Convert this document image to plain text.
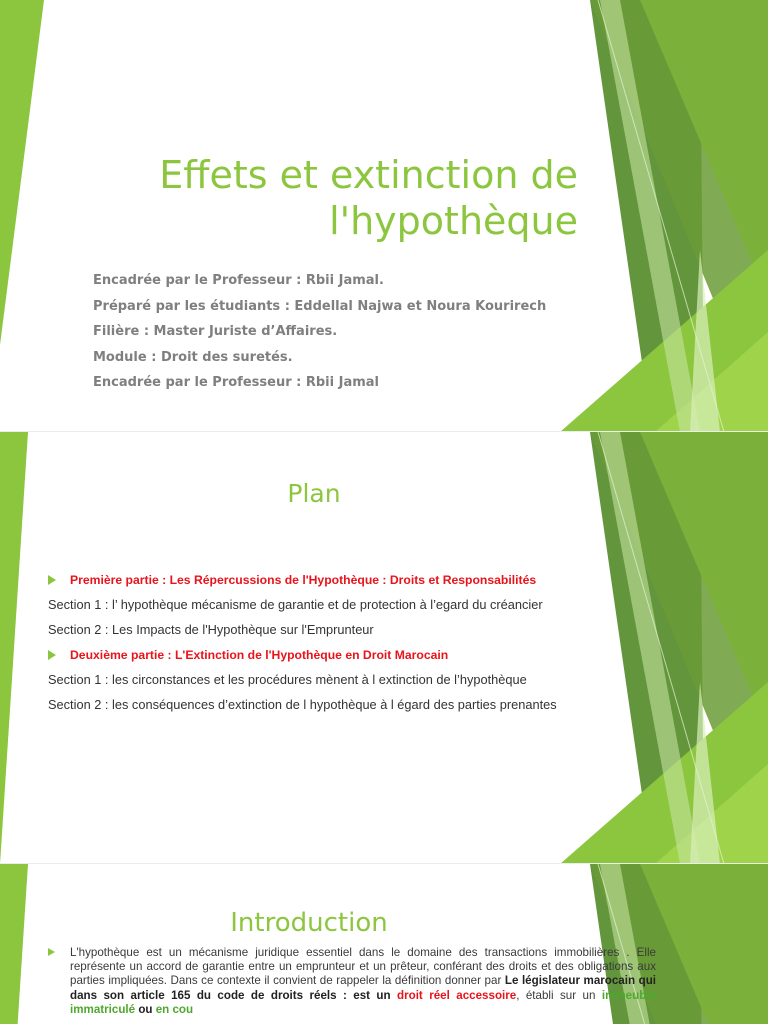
Effets et extinction de
l'hypothèque
Encadrée par le Professeur : Rbii Jamal.
Préparé par les étudiants : Eddellal Najwa et Noura Kourirech
Filière : Master Juriste d’Affaires.
Module : Droit des suretés.
Encadrée par le Professeur : Rbii Jamal
Plan
Première partie : Les Répercussions de l'Hypothèque : Droits et Responsabilités
Section 1 : l’ hypothèque mécanisme de garantie et de protection à l’egard du créancier
Section 2 : Les Impacts de l'Hypothèque sur l'Emprunteur
Deuxième partie : L'Extinction de l'Hypothèque en Droit Marocain
Section 1 : les circonstances et les procédures mènent à l extinction de l’hypothèque
Section 2 : les conséquences d’extinction de l hypothèque à l égard des parties prenantes
Introduction
L'hypothèque est un mécanisme juridique essentiel dans le domaine des transactions immobilières . Elle représente un accord de garantie entre un emprunteur et un prêteur, conférant des droits et des obligations aux parties impliquées. Dans ce contexte il convient de rappeler la définition donner par Le législateur marocain qui dans son article 165 du code de droits réels : est un droit réel accessoire, établi sur un immeuble immatriculé ou en cou
